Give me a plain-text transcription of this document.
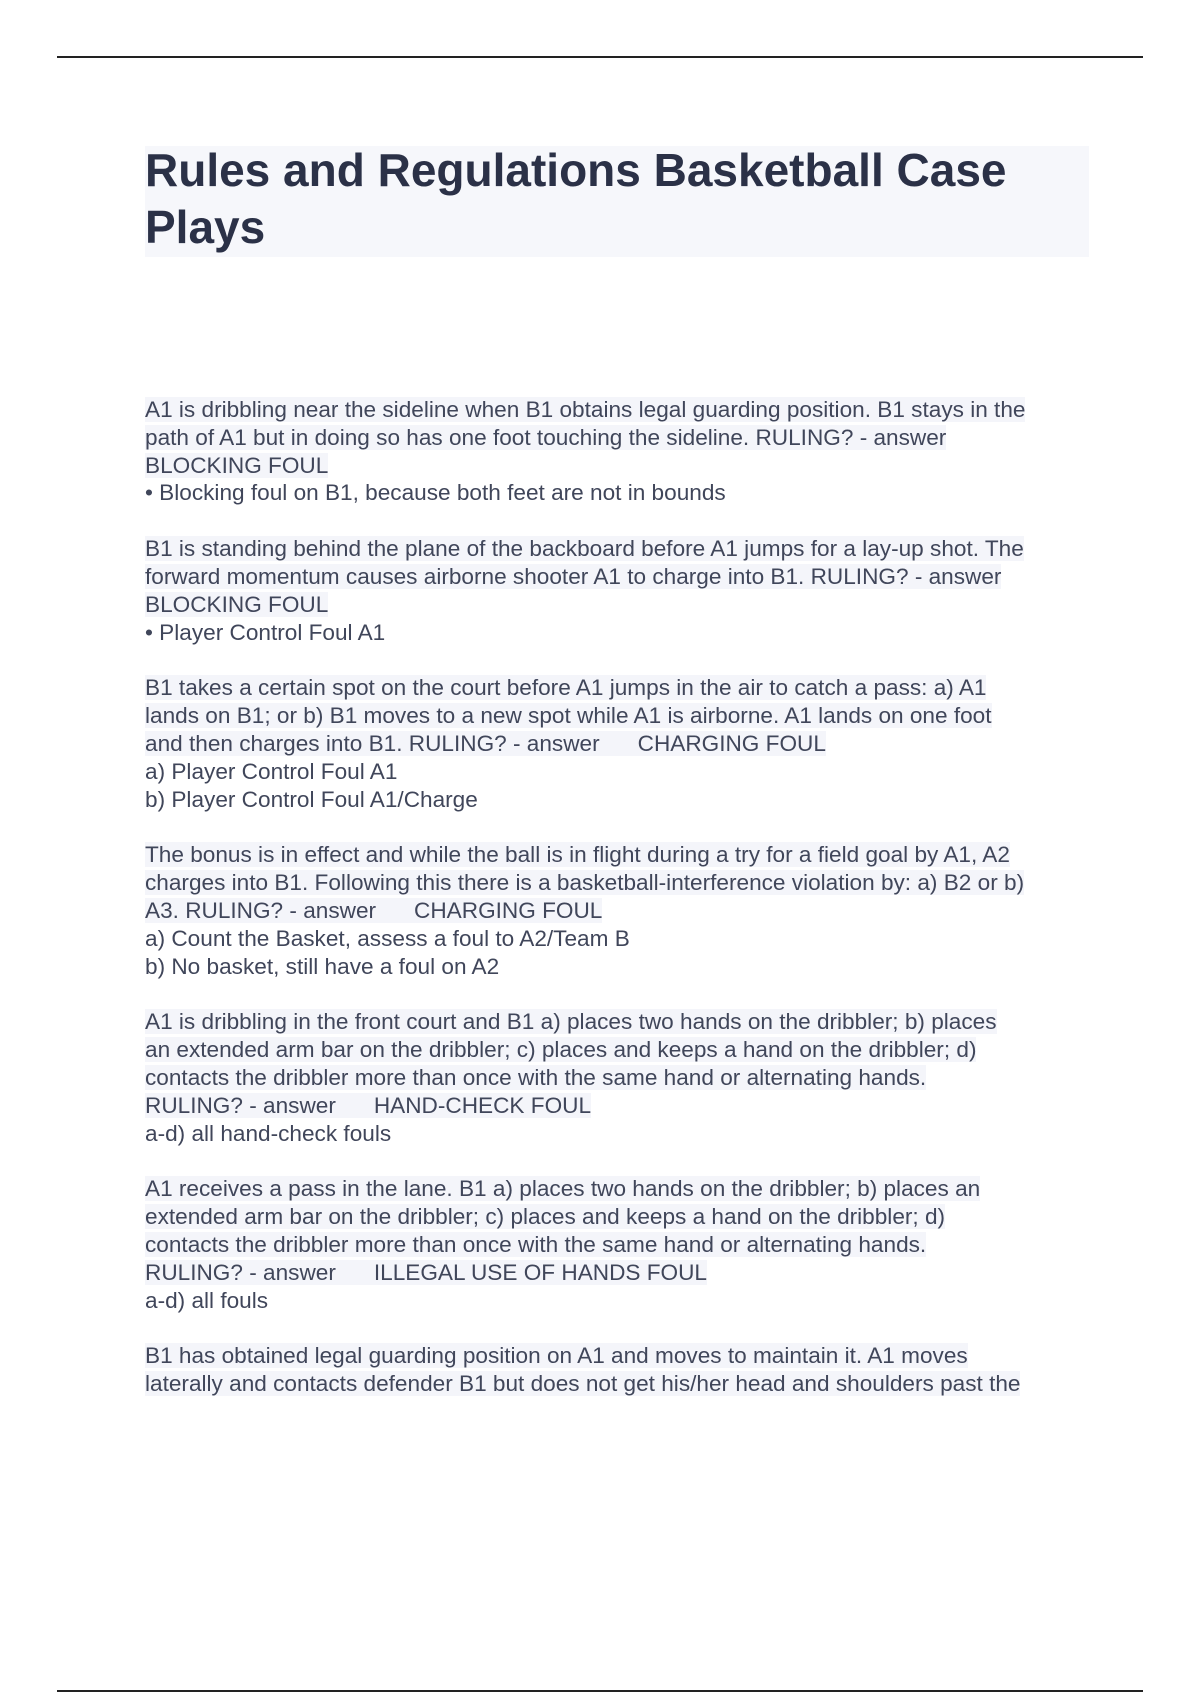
Rules and Regulations Basketball Case Plays
A1 is dribbling near the sideline when B1 obtains legal guarding position. B1 stays in the
path of A1 but in doing so has one foot touching the sideline. RULING? - answer
BLOCKING FOUL
• Blocking foul on B1, because both feet are not in bounds
B1 is standing behind the plane of the backboard before A1 jumps for a lay-up shot. The
forward momentum causes airborne shooter A1 to charge into B1. RULING? - answer
BLOCKING FOUL
• Player Control Foul A1
B1 takes a certain spot on the court before A1 jumps in the air to catch a pass: a) A1
lands on B1; or b) B1 moves to a new spot while A1 is airborne. A1 lands on one foot
and then charges into B1. RULING? - answer CHARGING FOUL
a) Player Control Foul A1
b) Player Control Foul A1/Charge
The bonus is in effect and while the ball is in flight during a try for a field goal by A1, A2
charges into B1. Following this there is a basketball-interference violation by: a) B2 or b)
A3. RULING? - answer CHARGING FOUL
a) Count the Basket, assess a foul to A2/Team B
b) No basket, still have a foul on A2
A1 is dribbling in the front court and B1 a) places two hands on the dribbler; b) places
an extended arm bar on the dribbler; c) places and keeps a hand on the dribbler; d)
contacts the dribbler more than once with the same hand or alternating hands.
RULING? - answer HAND-CHECK FOUL
a-d) all hand-check fouls
A1 receives a pass in the lane. B1 a) places two hands on the dribbler; b) places an
extended arm bar on the dribbler; c) places and keeps a hand on the dribbler; d)
contacts the dribbler more than once with the same hand or alternating hands.
RULING? - answer ILLEGAL USE OF HANDS FOUL
a-d) all fouls
B1 has obtained legal guarding position on A1 and moves to maintain it. A1 moves
laterally and contacts defender B1 but does not get his/her head and shoulders past the
